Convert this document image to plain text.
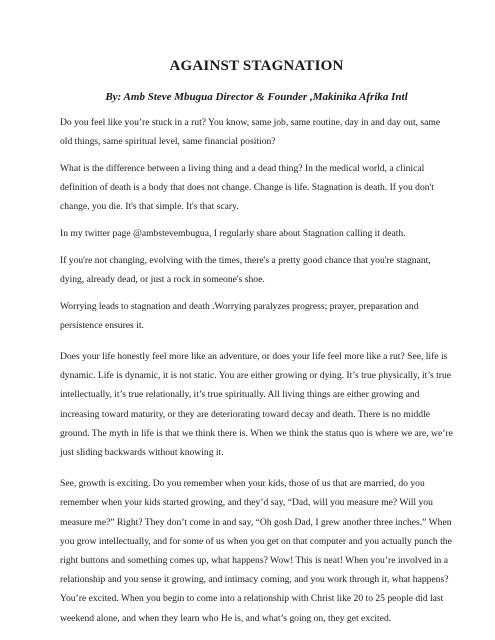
AGAINST STAGNATION

By: Amb Steve Mbugua Director & Founder ,Makinika Afrika Intl

Do you feel like you’re stuck in a rut? You know, same job, same routine, day in and day out, same old things, same spiritual level, same financial position?

What is the difference between a living thing and a dead thing? In the medical world, a clinical definition of death is a body that does not change. Change is life. Stagnation is death. If you don't change, you die. It's that simple. It's that scary.

In my twitter page @ambstevembugua, I regularly share about Stagnation calling it death.

If you're not changing, evolving with the times, there's a pretty good chance that you're stagnant, dying, already dead, or just a rock in someone's shoe.

Worrying leads to stagnation and death .Worrying paralyzes progress; prayer, preparation and persistence ensures it.

Does your life honestly feel more like an adventure, or does your life feel more like a rut? See, life is dynamic. Life is dynamic, it is not static. You are either growing or dying. It’s true physically, it’s true intellectually, it’s true relationally, it’s true spiritually. All living things are either growing and increasing toward maturity, or they are deteriorating toward decay and death. There is no middle ground. The myth in life is that we think there is. When we think the status quo is where we are, we’re just sliding backwards without knowing it.

See, growth is exciting. Do you remember when your kids, those of us that are married, do you remember when your kids started growing, and they’d say, “Dad, will you measure me? Will you measure me?” Right? They don’t come in and say, “Oh gosh Dad, I grew another three inches.” When you grow intellectually, and for some of us when you get on that computer and you actually punch the right buttons and something comes up, what happens? Wow! This is neat! When you’re involved in a relationship and you sense it growing, and intimacy coming, and you work through it, what happens? You’re excited. When you begin to come into a relationship with Christ like 20 to 25 people did last weekend alone, and when they learn who He is, and what’s going on, they get excited.
